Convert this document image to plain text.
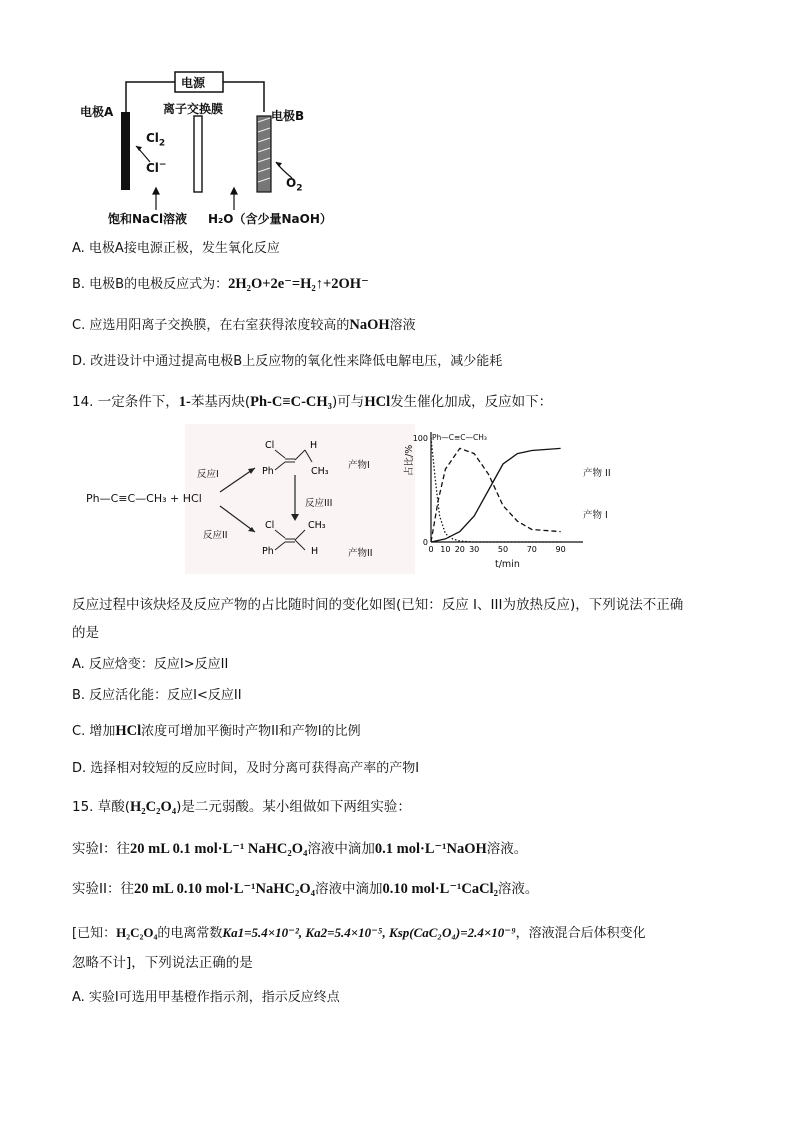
电源
电极A	离子交换膜	电极B
$Cl_2$
Cl−
$O_2$
饱和NaCl溶液 H₂O（含少量NaOH）
A. 电极A接电源正极，发生氧化反应
B. 电极B的电极反应式为：2H₂O+2e⁻=H₂↑+2OH⁻
C. 应选用阳离子交换膜，在右室获得浓度较高的NaOH溶液
D. 改进设计中通过提高电极B上反应物的氧化性来降低电解电压，减少能耗
14. 一定条件下，1-苯基丙炔(Ph-C≡C-CH₃)可与HCl发生催化加成，反应如下：
Cl	H
Ph	CH₃
Cl	CH₃
Ph	H
Ph—C≡C—CH₃ + HCl
反应I
反应II
反应III
产物I
产物II	0 10 20 30 50 70 90
0
100 Ph—C≡C—CH₃
产物 II
产物 I
占比/%
t/min
反应过程中该炔烃及反应产物的占比随时间的变化如图(已知：反应 I、III为放热反应)，下列说法不正确
的是
A. 反应焓变：反应I>反应II
B. 反应活化能：反应I<反应II
C. 增加HCl浓度可增加平衡时产物II和产物I的比例
D. 选择相对较短的反应时间，及时分离可获得高产率的产物I
15. 草酸(H₂C₂O₄)是二元弱酸。某小组做如下两组实验：
实验I：往20 mL 0.1 mol·L⁻¹ NaHC₂O₄溶液中滴加0.1 mol·L⁻¹NaOH溶液。
实验II：往20 mL 0.10 mol·L⁻¹NaHC₂O₄溶液中滴加0.10 mol·L⁻¹CaCl₂溶液。
[已知：H₂C₂O₄的电离常数Ka1=5.4×10⁻², Ka2=5.4×10⁻⁵, Ksp(CaC₂O₄)=2.4×10⁻⁹，溶液混合后体积变化
忽略不计]，下列说法正确的是
A. 实验I可选用甲基橙作指示剂，指示反应终点
